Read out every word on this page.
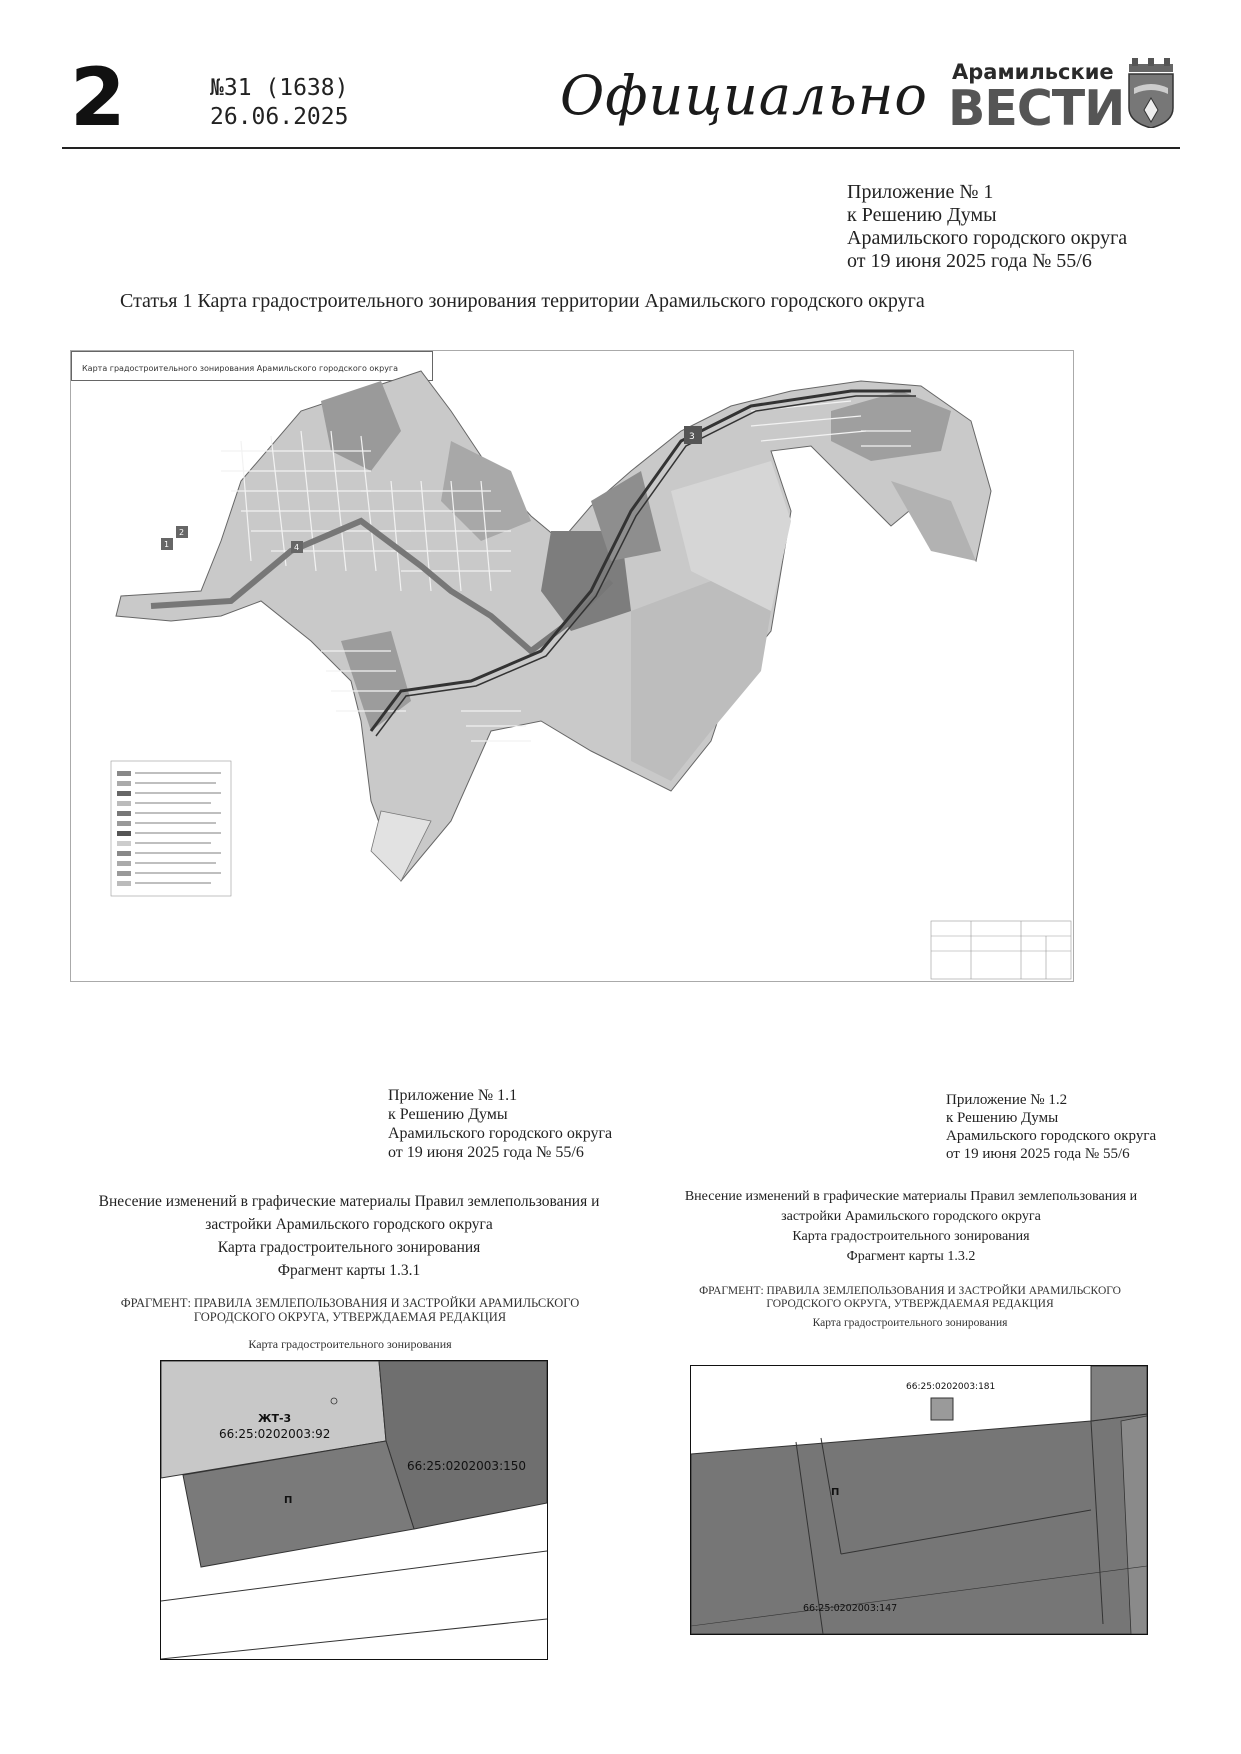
2	№31 (1638)
26.06.2025	Официально Арамильские
ВЕСТИ
Приложение № 1
к Решению Думы
Арамильского городского округа
от 19 июня 2025 года № 55/6
Статья 1 Карта градостроительного зонирования территории Арамильского городского округа
Карта градостроительного зонирования Арамильского городского округа
1
2
3
4
Приложение № 1.1
к Решению Думы
Арамильского городского округа
от 19 июня 2025 года № 55/6
Приложение № 1.2
к Решению Думы
Арамильского городского округа
от 19 июня 2025 года № 55/6
Внесение изменений в графические материалы Правил землепользования и
застройки Арамильского городского округа
Карта градостроительного зонирования
Фрагмент карты 1.3.1
Внесение изменений в графические материалы Правил землепользования и
застройки Арамильского городского округа
Карта градостроительного зонирования
Фрагмент карты 1.3.2
ФРАГМЕНТ: ПРАВИЛА ЗЕМЛЕПОЛЬЗОВАНИЯ И ЗАСТРОЙКИ АРАМИЛЬСКОГО
ГОРОДСКОГО ОКРУГА, УТВЕРЖДАЕМАЯ РЕДАКЦИЯ
ФРАГМЕНТ: ПРАВИЛА ЗЕМЛЕПОЛЬЗОВАНИЯ И ЗАСТРОЙКИ АРАМИЛЬСКОГО
ГОРОДСКОГО ОКРУГА, УТВЕРЖДАЕМАЯ РЕДАКЦИЯ
Карта градостроительного зонирования
Карта градостроительного зонирования
ЖТ-3
66:25:0202003:92
66:25:0202003:150
П
66:25:0202003:181
П
66:25:0202003:147
